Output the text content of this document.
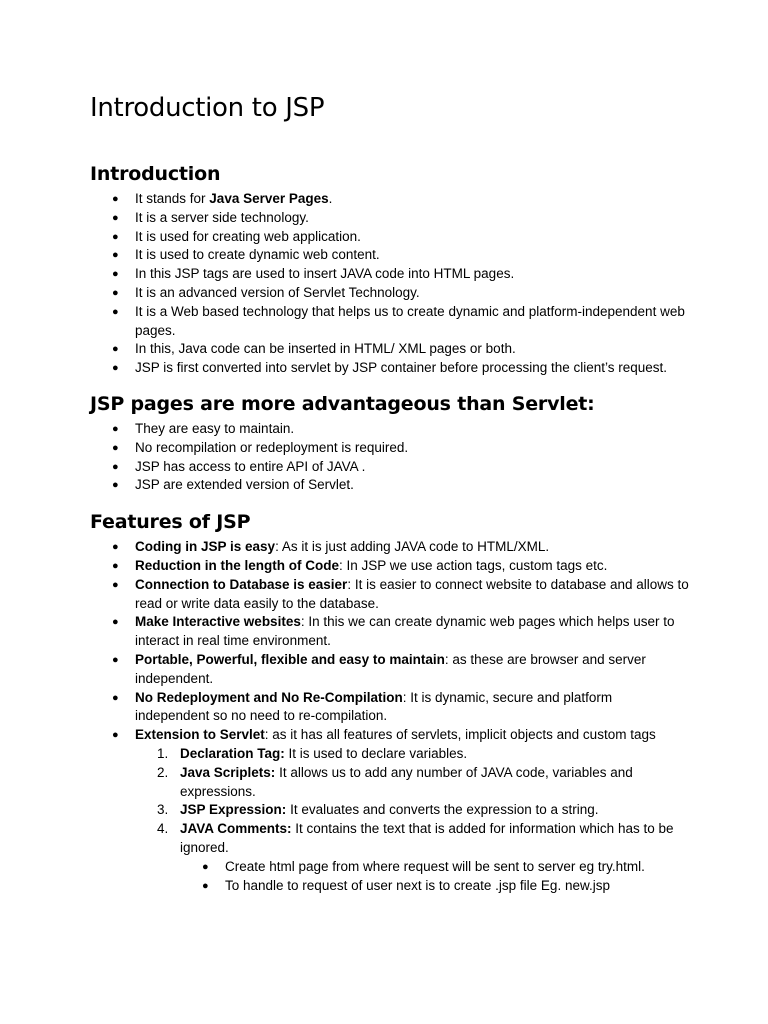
Introduction to JSP
Introduction
● It stands for Java Server Pages.
● It is a server side technology.
● It is used for creating web application.
● It is used to create dynamic web content.
● In this JSP tags are used to insert JAVA code into HTML pages.
● It is an advanced version of Servlet Technology.
● It is a Web based technology that helps us to create dynamic and platform-independent web pages.
● In this, Java code can be inserted in HTML/ XML pages or both.
● JSP is first converted into servlet by JSP container before processing the client’s request.
JSP pages are more advantageous than Servlet:
● They are easy to maintain.
● No recompilation or redeployment is required.
● JSP has access to entire API of JAVA .
● JSP are extended version of Servlet.
Features of JSP
● Coding in JSP is easy: As it is just adding JAVA code to HTML/XML.
● Reduction in the length of Code: In JSP we use action tags, custom tags etc.
● Connection to Database is easier: It is easier to connect website to database and allows to read or write data easily to the database.
● Make Interactive websites: In this we can create dynamic web pages which helps user to interact in real time environment.
● Portable, Powerful, flexible and easy to maintain: as these are browser and server independent.
● No Redeployment and No Re-Compilation: It is dynamic, secure and platform independent so no need to re-compilation.
● Extension to Servlet: as it has all features of servlets, implicit objects and custom tags
1. Declaration Tag: It is used to declare variables.
2. Java Scriplets: It allows us to add any number of JAVA code, variables and expressions.
3. JSP Expression: It evaluates and converts the expression to a string.
4. JAVA Comments: It contains the text that is added for information which has to be ignored.
● Create html page from where request will be sent to server eg try.html.
● To handle to request of user next is to create .jsp file Eg. new.jsp
